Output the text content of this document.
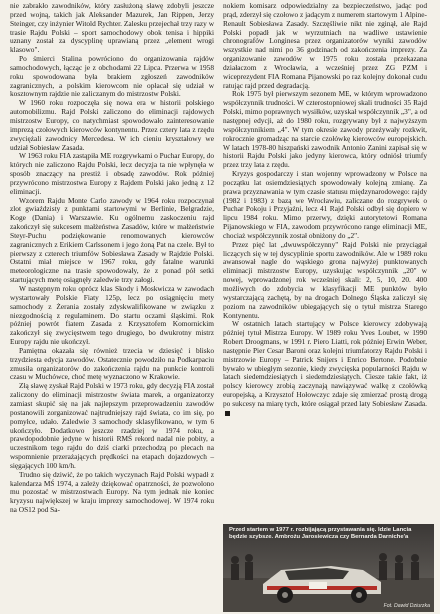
nie zabrakło zawodników, który zasłużoną sławę zdobyli jeszcze przed wojną, takich jak Aleksander Mazurek, Jan Rippen, Jerzy Steinger, czy inżynier Witold Rychter. Zalesku przejechał trzy razy w trasie Rajdu Polski – sport samochodowy obok tenisa i hippiki uznany został za dyscyplinę uprawianą przez „element wrogi klasowo".

Po śmierci Stalina powróciono do organizowania rajdów samochodowych, łącząc je z obchodami 22 Lipca. Przerwa w 1958 roku spowodowana była brakiem zgłoszeń zawodników zagranicznych, a polskim kierowcom nie opłacał się udział w kosztownym rajdzie nie zaliczanym do mistrzostw Polski.

W 1960 roku rozpoczęła się nowa era w historii polskiego automobilizmu. Rajd Polski zaliczono do eliminacji rajdowych mistrzostw Europy, co natychmiast spowodowało zainteresowanie imprezą czołowych kierowców kontynentu. Przez cztery lata z rzędu zwyciężali zawodnicy Mercedesa. W ich cieniu kryształowy we udział Sobiesław Zasada.

W 1963 roku FIA zastąpiła ME rozgrywkami o Puchar Europy, do których nie zaliczono Rajdu Polski, lecz decyzja ta nie wpłynęła w sposób znaczący na prestiż i obsadę zawodów. Rok później przywrócono mistrzostwa Europy z Rajdem Polski jako jedną z 12 eliminacji.

Wzorem Rajdu Monte Carlo zawody w 1964 roku rozpoczynał zlot gwiaździsty z punktami startowymi w Berlinie, Belgradzie, Koge (Dania) i Warszawie. Ku ogólnemu zaskoczeniu rajd zakończył się sukcesem małżeństwa Zasadów, które w małżeństwie Steyr-Puchu podziękowanie renomowanych kierowców zagranicznych z Erikiem Carlssonem i jego żoną Pat na czele. Był to pierwszy z czterech triumfów Sobiesława Zasady w Rajdzie Polski. Ostatni miał miejsce w 1967 roku, gdy fatalne warunki meteorologiczne na trasie spowodowały, że z ponad pół setki startujących metę osiągnęły zaledwie trzy załogi.

W następnym roku oprócz klas Skody i Moskwicza w zawodach wystartowały Polskie Fiaty 125p, lecz po osiągnięciu mety samochody z Żerania zostały zdyskwalifikowane w związku z niezgodnością z regulaminem. Do startu oczami śląskimi. Rok później powrót fiatem Zasada z Krzysztofem Komornickim zakończył się zwycięstwem tego drugiego, bo dwukrotny mistrz Europy rajdu nie ukończył.

Pamiętna okazała się również trzecia w dziesięć i blisko trzydziesta edycja zawodów. Ostatecznie powodziło na Podkarpaciu zmusiła organizatorów do zakończenia rajdu na punkcie kontroli czasu w Muchówce, choć metę wyznaczono w Krakowie.

Złą sławę zyskał Rajd Polski w 1973 roku, gdy decyzją FIA został zaliczony do eliminacji mistrzostw świata marek, a organizatorzy zamiast skupić się na jak najlepszym przeprowadzeniu zawodów postanowili zorganizować najtrudniejszy rajd świata, co im się, po pomyłce, udało. Zaledwie 3 samochody sklasyfikowano, w tym 6 ukończyło. Dodatkowo jeszcze rzadziej w 1974 roku, a prawdopodobnie jedyne w historii RMŚ rekord nadal nie pobity, a uczestnikom tego rajdu do dziś ciarki przechodzą po plecach na wspomnienie przerażających prędkości na etapach dojazdowych – sięgających 100 km/h.

Trudno się dziwić, że po takich wyczynach Rajd Polski wypadł z kalendarza MŚ 1974, a zależy dziękować opatrzności, że pozwolono mu pozostać w mistrzostwach Europy. Na tym jednak nie koniec kryzysu największej w kraju imprezy samochodowej. W 1974 roku na OS12 pod Sa-

nokiem komisarz odpowiedzialny za bezpieczeństwo, jadąc pod prąd, zderzył się czołowo z jadącym z numerem startowym 1 Alpine-Renault Sobiesława Zasady. Szczęśliwie nikt nie zginął, ale Rajd Polski popadł jak w wyrzutniach na wadliwe ustawienie chronografów Longinesa przez organizatorów wyniki zawodów wszystkie nad nimi po 36 godzinach od zakończenia imprezy. Za organizowanie zawodów w 1975 roku została przekazana działaczom z Wrocławia, a wcześniej przez ZG PZM i wiceprezydent FIA Romana Pijanowski po raz kolejny dokonał cudu ratując rajd przed degradacją.

Rok 1975 był pierwszym sezonem ME, w którym wprowadzono współczynnik trudności. W czterostopniowej skali trudności 35 Rajd Polski, mimo poprawnych wysiłków, uzyskał współczynnik „3", a od następnej edycji, aż do 1980 roku, rozgrywany był z najwyższym współczynnikiem „4". W tym okresie zawody przeżywały rozkwit, rokrocznie gromadząc na starcie czołówkę kierowców europejskich. W latach 1978-80 hiszpański zawodnik Antonio Zanini zapisał się w historii Rajdu Polski jako jedyny kierowca, który odniósł triumfy przez trzy lata z rzędu.

Kryzys gospodarczy i stan wojenny wprowadzony w Polsce na początku lat osiemdziesiątych spowodowały kolejną zmianę. Za prawa przyznawania w tym czasie statusu międzynarodowego: rajdy (1982 i 1983) z bazą we Wrocławiu, zaliczane do rozgrywek o Puchar Pokoju i Przyjaźni, lecz 41 Rajd Polski odbył się dopiero w lipcu 1984 roku. Mimo przerwy, dzięki autorytetowi Romana Pijanowskiego w FIA, zawodom przywrócono range eliminacji ME, chociaż współczynnik został obniżony do „2".

Przez pięć lat „dwuwspółczynny" Rajd Polski nie przyciągał liczących się w tej dyscyplinie sportu zawodników. Ale w 1989 roku awansował nagle do wąskiego grona najwyżej punktowanych eliminacji mistrzostw Europy, uzyskując współczynnik „20" w nowej, wprowadzonej rok wcześniej skali: 2, 5, 10, 20. 400 możliwych do zdobycia w klasyfikacji ME punktów było wystarczającą zachętą, by na drogach Dolnego Śląska zaliczył się poziom na zawodników ubiegających się o tytuł mistrza Starego Kontynentu.

W ostatnich latach startujący w Polsce kierowcy zdobywają później tytuł Mistrza Europy. W 1989 roku Yves Loubet, w 1990 Robert Droogmans, w 1991 r. Piero Liatti, rok później Erwin Weber, następnie Pier Cesar Baroni oraz kolejni triumfatorzy Rajdu Polski i mistrzowie Europy – Patrick Snijers i Enrico Bertone. Podobnie bywało w ubiegłym sezonie, kiedy zwycięska popularności Rajdu w latach siedemdziesiątych i siedemdziesiątych. Ciesze takie fakt, iż polscy kierowcy zrobią zaczynają nawiązywać walkę z czołówką europejską, a Krzysztof Hołowczyc zdaje się zmierzać prostą drogą po sukcesy na miarę tych, które osiągał przed laty Sobiesław Zasada.

Przed startem w 1977 r. rozbijającą przystawania się. Idzie Lancia będzie szybsze. Ambrożu Jarosiewicza czy Bernarda Darniche'a
Fot. Dawid Dziurzka
